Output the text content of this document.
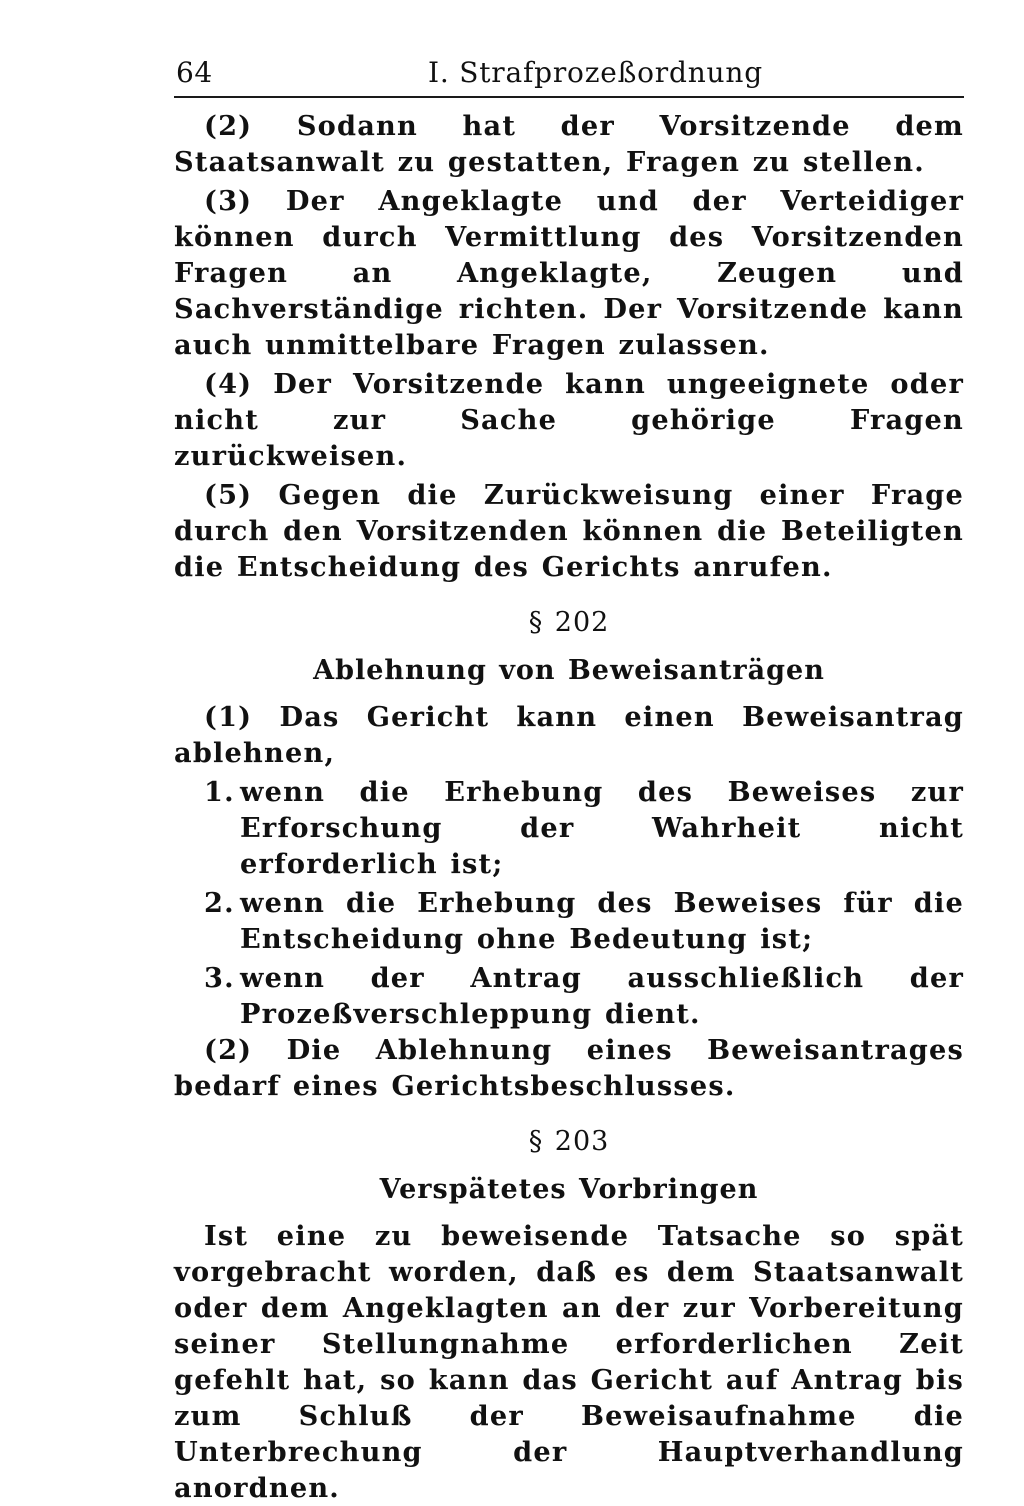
64	I. Strafprozeßordnung

(2) Sodann hat der Vorsitzende dem Staatsanwalt zu gestatten, Fragen zu stellen.

(3) Der Angeklagte und der Verteidiger können durch Vermittlung des Vorsitzenden Fragen an Angeklagte, Zeugen und Sachverständige richten. Der Vorsitzende kann auch unmittelbare Fragen zulassen.

(4) Der Vorsitzende kann ungeeignete oder nicht zur Sache gehörige Fragen zurückweisen.

(5) Gegen die Zurückweisung einer Frage durch den Vorsitzenden können die Beteiligten die Entscheidung des Gerichts anrufen.

§ 202
Ablehnung von Beweisanträgen

(1) Das Gericht kann einen Beweisantrag ablehnen,

1. wenn die Erhebung des Beweises zur Erforschung der Wahrheit nicht erforderlich ist;
2. wenn die Erhebung des Beweises für die Entscheidung ohne Bedeutung ist;
3. wenn der Antrag ausschließlich der Prozeßverschleppung dient.

(2) Die Ablehnung eines Beweisantrages bedarf eines Gerichtsbeschlusses.

§ 203
Verspätetes Vorbringen

Ist eine zu beweisende Tatsache so spät vorgebracht worden, daß es dem Staatsanwalt oder dem Angeklagten an der zur Vorbereitung seiner Stellungnahme erforderlichen Zeit gefehlt hat, so kann das Gericht auf Antrag bis zum Schluß der Beweisaufnahme die Unterbrechung der Hauptverhandlung anordnen.
